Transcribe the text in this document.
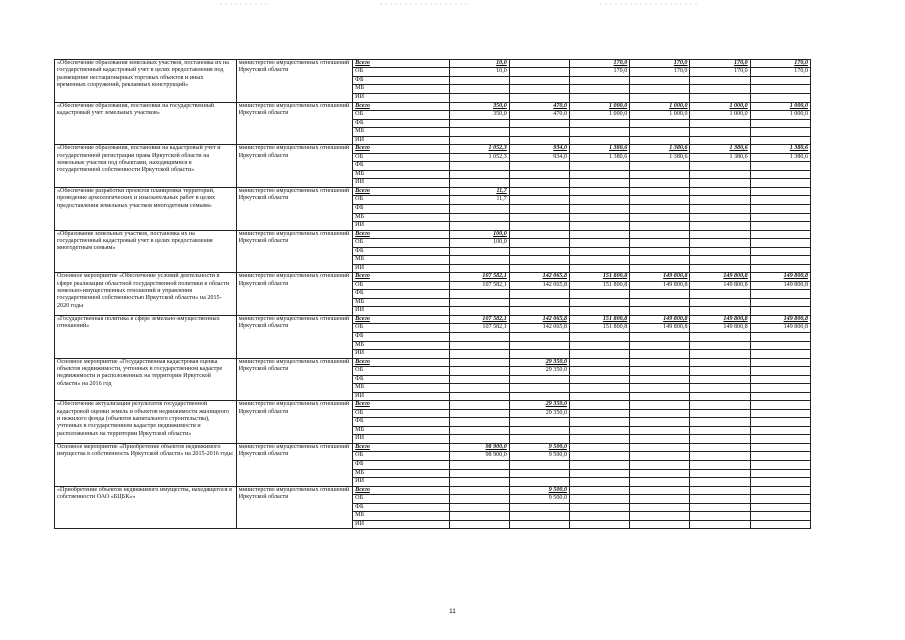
«Обеспечение образования земельных участков, постановка их на государственный кадастровый учет в целях предоставления под размещение нестационарных торговых объектов и иных временных сооружений, рекламных конструкций»	министерство имущественных отношений Иркутской области	Всего	10,0		170,0	170,0	170,0	170,0
		ОБ	10,0		170,0	170,0	170,0	170,0
		ФБ						
		МБ						
		ИИ						
«Обеспечение образования, постановки на государственный кадастровый учет земельных участков»	министерство имущественных отношений Иркутской области	Всего	350,0	470,0	1 000,0	1 000,0	1 000,0	1 000,0
		ОБ	350,0	470,0	1 000,0	1 000,0	1 000,0	1 000,0
		ФБ						
		МБ						
		ИИ						
«Обеспечение образования, постановки на кадастровый учет и государственной регистрации права Иркутской области на земельные участки под объектами, находящимися в государственной собственности Иркутской области»	министерство имущественных отношений Иркутской области	Всего	1 052,3	934,0	1 380,6	1 380,6	1 380,6	1 380,6
		ОБ	1 052,3	934,0	1 380,6	1 380,6	1 380,6	1 380,6
		ФБ						
		МБ						
		ИИ						
«Обеспечение разработки проектов планировки территорий, проведение археологических и изыскательных работ в целях предоставления земельных участков многодетным семьям»	министерство имущественных отношений Иркутской области	Всего	11,7					
		ОБ	11,7					
		ФБ						
		МБ						
		ИИ						
«Образование земельных участков, постановка их на государственный кадастровый учет в целях предоставления многодетным семьям»	министерство имущественных отношений Иркутской области	Всего	100,0					
		ОБ	100,0					
		ФБ						
		МБ						
		ИИ						
Основное мероприятие «Обеспечение условий деятельности в сфере реализации областной государственной политики в области земельно-имущественных отношений и управления государственной собственностью Иркутской области» на 2015-2020 годы	министерство имущественных отношений Иркутской области	Всего	107 582,1	142 065,8	151 800,8	149 800,8	149 800,8	149 800,8
		ОБ	107 582,1	142 065,8	151 800,8	149 800,8	149 800,8	149 800,8
		ФБ						
		МБ						
		ИИ						
«Государственная политика в сфере земельно-имущественных отношений»	министерство имущественных отношений Иркутской области	Всего	107 582,1	142 065,8	151 800,8	149 800,8	149 800,8	149 800,8
		ОБ	107 582,1	142 065,8	151 800,8	149 800,8	149 800,8	149 800,8
		ФБ						
		МБ						
		ИИ						
Основное мероприятие «Государственная кадастровая оценка объектов недвижимости, учтенных в государственном кадастре недвижимости и расположенных на территории Иркутской области» на 2016 год	министерство имущественных отношений Иркутской области	Всего		29 350,0				
		ОБ		29 350,0				
		ФБ						
		МБ						
		ИИ						
«Обеспечение актуализации результатов государственной кадастровой оценки земель и объектов недвижимости жилищного и нежилого фонда (объектов капитального строительства), учтенных в государственном кадастре недвижимости и расположенных на территории Иркутской области»	министерство имущественных отношений Иркутской области	Всего		29 350,0				
		ОБ		29 350,0				
		ФБ						
		МБ						
		ИИ						
Основное мероприятие «Приобретение объектов недвижимого имущества в собственность Иркутской области» на 2015-2016 годы	министерство имущественных отношений Иркутской области	Всего	98 900,0	9 500,0				
		ОБ	98 900,0	9 500,0				
		ФБ						
		МБ						
		ИИ						
«Приобретение объектов недвижимого имущества, находящегося в собственности ОАО «БЦБК»»	министерство имущественных отношений Иркутской области	Всего		9 500,0				
		ОБ		9 500,0				
		ФБ						
		МБ						
		ИИ						
11
